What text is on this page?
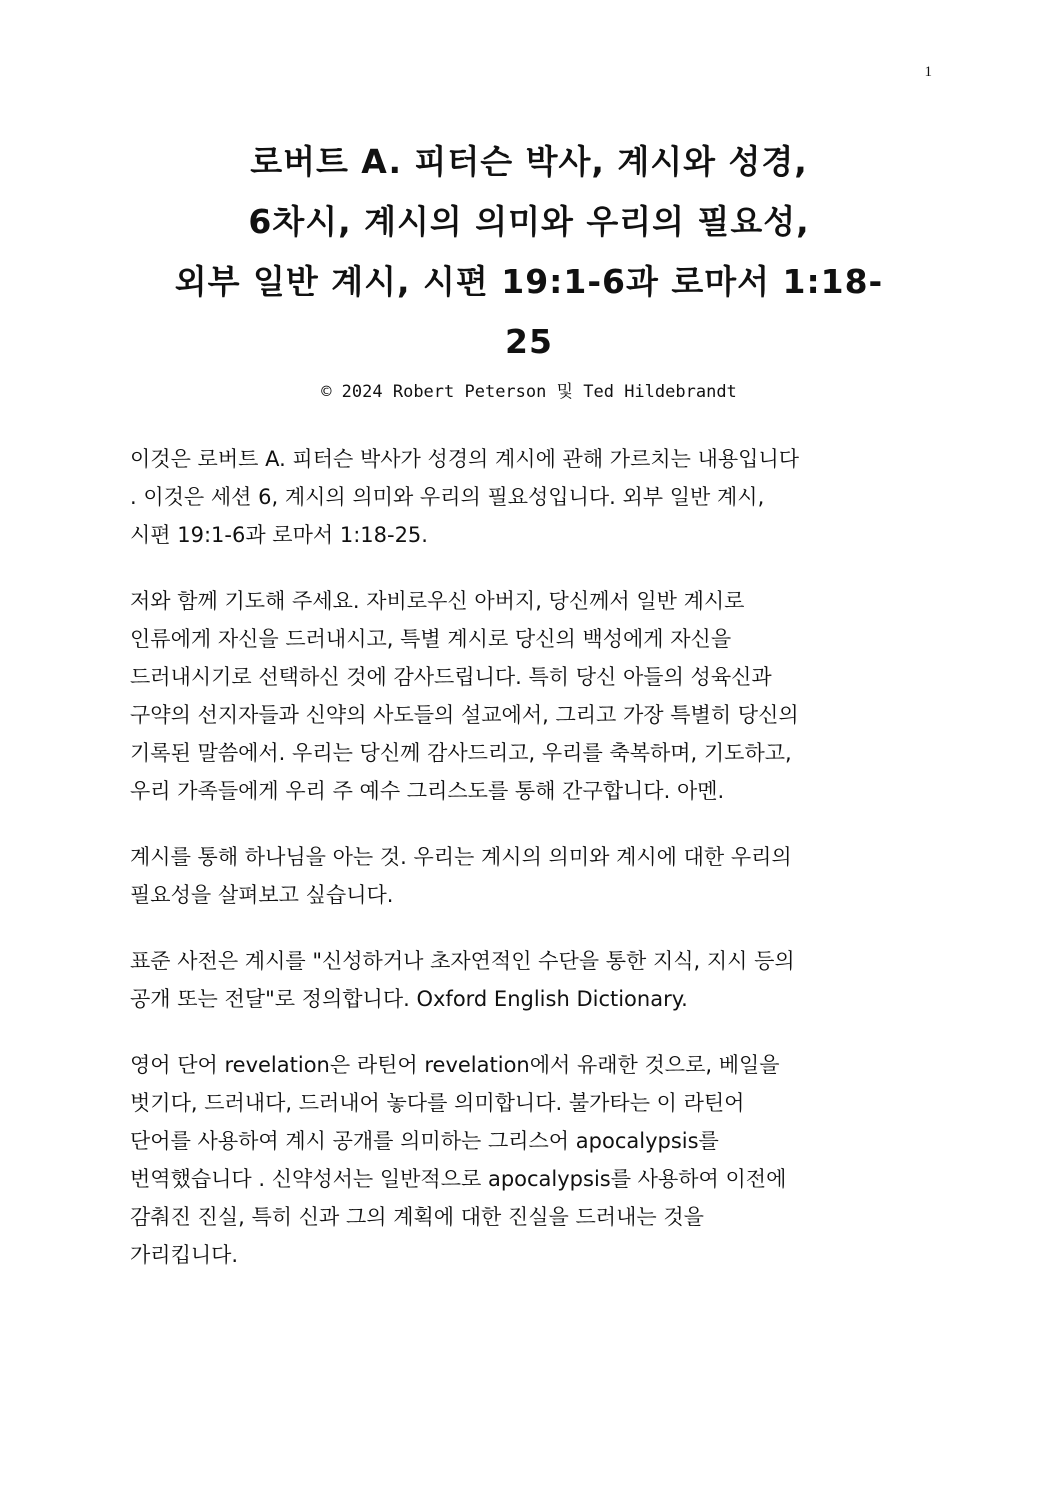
1
로버트 A. 피터슨 박사, 계시와 성경,
6차시, 계시의 의미와 우리의 필요성,
외부 일반 계시, 시편 19:1-6과 로마서 1:18-
25
© 2024 Robert Peterson 및 Ted Hildebrandt

이것은 로버트 A. 피터슨 박사가 성경의 계시에 관해 가르치는 내용입니다
. 이것은 세션 6, 계시의 의미와 우리의 필요성입니다. 외부 일반 계시,
시편 19:1-6과 로마서 1:18-25.

저와 함께 기도해 주세요. 자비로우신 아버지, 당신께서 일반 계시로
인류에게 자신을 드러내시고, 특별 계시로 당신의 백성에게 자신을
드러내시기로 선택하신 것에 감사드립니다. 특히 당신 아들의 성육신과
구약의 선지자들과 신약의 사도들의 설교에서, 그리고 가장 특별히 당신의
기록된 말씀에서. 우리는 당신께 감사드리고, 우리를 축복하며, 기도하고,
우리 가족들에게 우리 주 예수 그리스도를 통해 간구합니다. 아멘.

계시를 통해 하나님을 아는 것. 우리는 계시의 의미와 계시에 대한 우리의
필요성을 살펴보고 싶습니다.

표준 사전은 계시를 "신성하거나 초자연적인 수단을 통한 지식, 지시 등의
공개 또는 전달"로 정의합니다. Oxford English Dictionary.

영어 단어 revelation은 라틴어 revelation에서 유래한 것으로, 베일을
벗기다, 드러내다, 드러내어 놓다를 의미합니다. 불가타는 이 라틴어
단어를 사용하여 계시 공개를 의미하는 그리스어 apocalypsis를
번역했습니다 . 신약성서는 일반적으로 apocalypsis를 사용하여 이전에
감춰진 진실, 특히 신과 그의 계획에 대한 진실을 드러내는 것을
가리킵니다.
